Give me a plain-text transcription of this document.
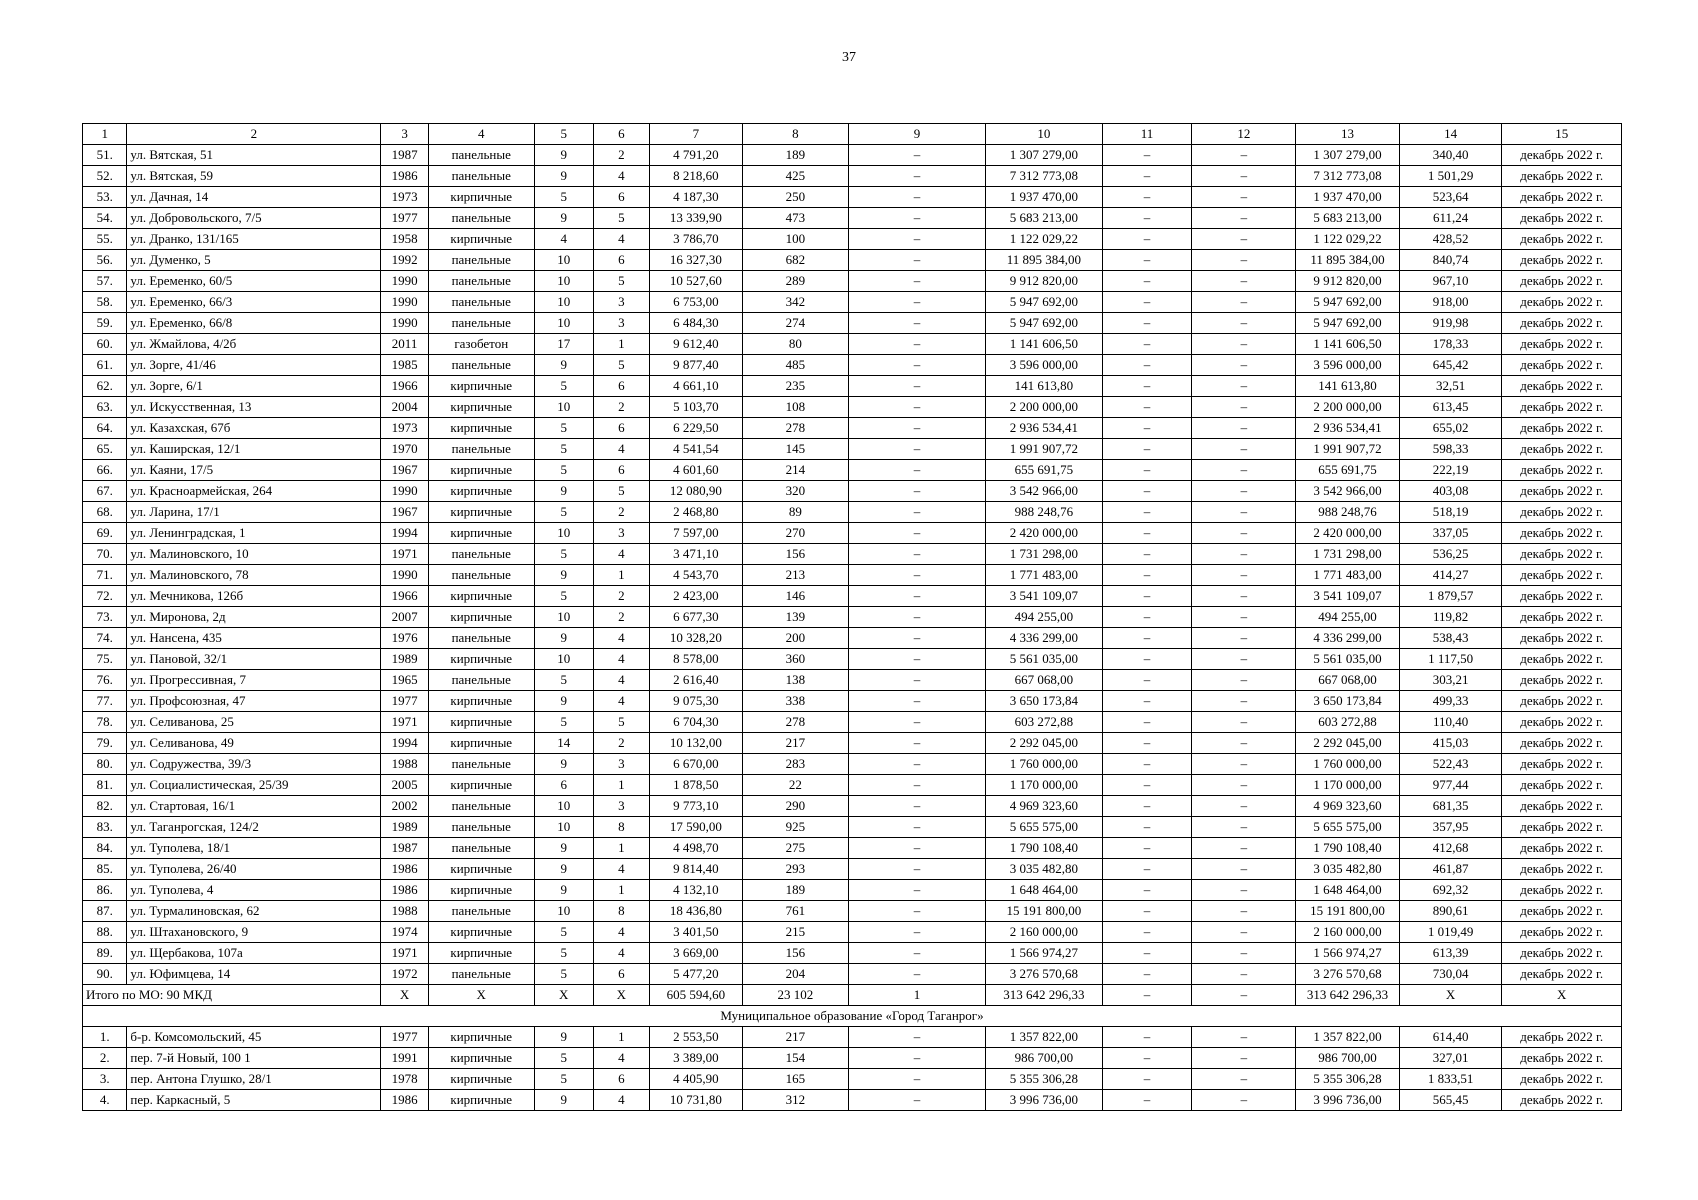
37
1	2	3	4	5	6	7	8	9	10	11	12	13	14	15
51.	ул. Вятская, 51	1987	панельные	9	2	4 791,20	189	–	1 307 279,00	–	–	1 307 279,00	340,40	декабрь 2022 г.
52.	ул. Вятская, 59	1986	панельные	9	4	8 218,60	425	–	7 312 773,08	–	–	7 312 773,08	1 501,29	декабрь 2022 г.
53.	ул. Дачная, 14	1973	кирпичные	5	6	4 187,30	250	–	1 937 470,00	–	–	1 937 470,00	523,64	декабрь 2022 г.
54.	ул. Добровольского, 7/5	1977	панельные	9	5	13 339,90	473	–	5 683 213,00	–	–	5 683 213,00	611,24	декабрь 2022 г.
55.	ул. Дранко, 131/165	1958	кирпичные	4	4	3 786,70	100	–	1 122 029,22	–	–	1 122 029,22	428,52	декабрь 2022 г.
56.	ул. Думенко, 5	1992	панельные	10	6	16 327,30	682	–	11 895 384,00	–	–	11 895 384,00	840,74	декабрь 2022 г.
57.	ул. Еременко, 60/5	1990	панельные	10	5	10 527,60	289	–	9 912 820,00	–	–	9 912 820,00	967,10	декабрь 2022 г.
58.	ул. Еременко, 66/3	1990	панельные	10	3	6 753,00	342	–	5 947 692,00	–	–	5 947 692,00	918,00	декабрь 2022 г.
59.	ул. Еременко, 66/8	1990	панельные	10	3	6 484,30	274	–	5 947 692,00	–	–	5 947 692,00	919,98	декабрь 2022 г.
60.	ул. Жмайлова, 4/2б	2011	газобетон	17	1	9 612,40	80	–	1 141 606,50	–	–	1 141 606,50	178,33	декабрь 2022 г.
61.	ул. Зорге, 41/46	1985	панельные	9	5	9 877,40	485	–	3 596 000,00	–	–	3 596 000,00	645,42	декабрь 2022 г.
62.	ул. Зорге, 6/1	1966	кирпичные	5	6	4 661,10	235	–	141 613,80	–	–	141 613,80	32,51	декабрь 2022 г.
63.	ул. Искусственная, 13	2004	кирпичные	10	2	5 103,70	108	–	2 200 000,00	–	–	2 200 000,00	613,45	декабрь 2022 г.
64.	ул. Казахская, 67б	1973	кирпичные	5	6	6 229,50	278	–	2 936 534,41	–	–	2 936 534,41	655,02	декабрь 2022 г.
65.	ул. Каширская, 12/1	1970	панельные	5	4	4 541,54	145	–	1 991 907,72	–	–	1 991 907,72	598,33	декабрь 2022 г.
66.	ул. Каяни, 17/5	1967	кирпичные	5	6	4 601,60	214	–	655 691,75	–	–	655 691,75	222,19	декабрь 2022 г.
67.	ул. Красноармейская, 264	1990	кирпичные	9	5	12 080,90	320	–	3 542 966,00	–	–	3 542 966,00	403,08	декабрь 2022 г.
68.	ул. Ларина, 17/1	1967	кирпичные	5	2	2 468,80	89	–	988 248,76	–	–	988 248,76	518,19	декабрь 2022 г.
69.	ул. Ленинградская, 1	1994	кирпичные	10	3	7 597,00	270	–	2 420 000,00	–	–	2 420 000,00	337,05	декабрь 2022 г.
70.	ул. Малиновского, 10	1971	панельные	5	4	3 471,10	156	–	1 731 298,00	–	–	1 731 298,00	536,25	декабрь 2022 г.
71.	ул. Малиновского, 78	1990	панельные	9	1	4 543,70	213	–	1 771 483,00	–	–	1 771 483,00	414,27	декабрь 2022 г.
72.	ул. Мечникова, 126б	1966	кирпичные	5	2	2 423,00	146	–	3 541 109,07	–	–	3 541 109,07	1 879,57	декабрь 2022 г.
73.	ул. Миронова, 2д	2007	кирпичные	10	2	6 677,30	139	–	494 255,00	–	–	494 255,00	119,82	декабрь 2022 г.
74.	ул. Нансена, 435	1976	панельные	9	4	10 328,20	200	–	4 336 299,00	–	–	4 336 299,00	538,43	декабрь 2022 г.
75.	ул. Пановой, 32/1	1989	кирпичные	10	4	8 578,00	360	–	5 561 035,00	–	–	5 561 035,00	1 117,50	декабрь 2022 г.
76.	ул. Прогрессивная, 7	1965	панельные	5	4	2 616,40	138	–	667 068,00	–	–	667 068,00	303,21	декабрь 2022 г.
77.	ул. Профсоюзная, 47	1977	кирпичные	9	4	9 075,30	338	–	3 650 173,84	–	–	3 650 173,84	499,33	декабрь 2022 г.
78.	ул. Селиванова, 25	1971	кирпичные	5	5	6 704,30	278	–	603 272,88	–	–	603 272,88	110,40	декабрь 2022 г.
79.	ул. Селиванова, 49	1994	кирпичные	14	2	10 132,00	217	–	2 292 045,00	–	–	2 292 045,00	415,03	декабрь 2022 г.
80.	ул. Содружества, 39/3	1988	панельные	9	3	6 670,00	283	–	1 760 000,00	–	–	1 760 000,00	522,43	декабрь 2022 г.
81.	ул. Социалистическая, 25/39	2005	кирпичные	6	1	1 878,50	22	–	1 170 000,00	–	–	1 170 000,00	977,44	декабрь 2022 г.
82.	ул. Стартовая, 16/1	2002	панельные	10	3	9 773,10	290	–	4 969 323,60	–	–	4 969 323,60	681,35	декабрь 2022 г.
83.	ул. Таганрогская, 124/2	1989	панельные	10	8	17 590,00	925	–	5 655 575,00	–	–	5 655 575,00	357,95	декабрь 2022 г.
84.	ул. Туполева, 18/1	1987	панельные	9	1	4 498,70	275	–	1 790 108,40	–	–	1 790 108,40	412,68	декабрь 2022 г.
85.	ул. Туполева, 26/40	1986	кирпичные	9	4	9 814,40	293	–	3 035 482,80	–	–	3 035 482,80	461,87	декабрь 2022 г.
86.	ул. Туполева, 4	1986	кирпичные	9	1	4 132,10	189	–	1 648 464,00	–	–	1 648 464,00	692,32	декабрь 2022 г.
87.	ул. Турмалиновская, 62	1988	панельные	10	8	18 436,80	761	–	15 191 800,00	–	–	15 191 800,00	890,61	декабрь 2022 г.
88.	ул. Штахановского, 9	1974	кирпичные	5	4	3 401,50	215	–	2 160 000,00	–	–	2 160 000,00	1 019,49	декабрь 2022 г.
89.	ул. Щербакова, 107а	1971	кирпичные	5	4	3 669,00	156	–	1 566 974,27	–	–	1 566 974,27	613,39	декабрь 2022 г.
90.	ул. Юфимцева, 14	1972	панельные	5	6	5 477,20	204	–	3 276 570,68	–	–	3 276 570,68	730,04	декабрь 2022 г.
Итого по МО: 90 МКД		X	X	X	X	605 594,60	23 102	1	313 642 296,33	–	–	313 642 296,33	X	X
Муниципальное образование «Город Таганрог»														
1.	б-р. Комсомольский, 45	1977	кирпичные	9	1	2 553,50	217	–	1 357 822,00	–	–	1 357 822,00	614,40	декабрь 2022 г.
2.	пер. 7-й Новый, 100 1	1991	кирпичные	5	4	3 389,00	154	–	986 700,00	–	–	986 700,00	327,01	декабрь 2022 г.
3.	пер. Антона Глушко, 28/1	1978	кирпичные	5	6	4 405,90	165	–	5 355 306,28	–	–	5 355 306,28	1 833,51	декабрь 2022 г.
4.	пер. Каркасный, 5	1986	кирпичные	9	4	10 731,80	312	–	3 996 736,00	–	–	3 996 736,00	565,45	декабрь 2022 г.
